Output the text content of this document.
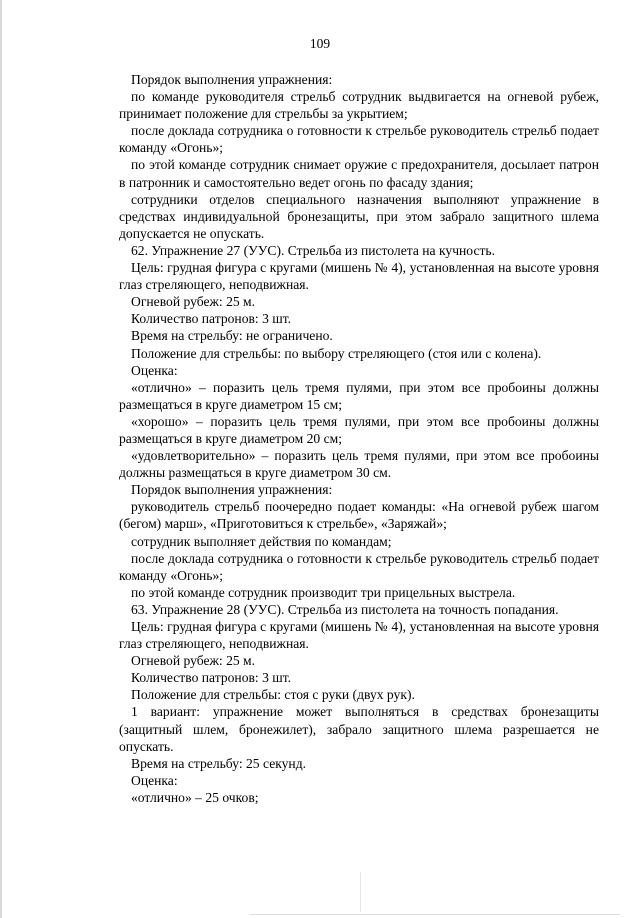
109

Порядок выполнения упражнения:

по команде руководителя стрельб сотрудник выдвигается на огневой рубеж, принимает положение для стрельбы за укрытием;

после доклада сотрудника о готовности к стрельбе руководитель стрельб подает команду «Огонь»;

по этой команде сотрудник снимает оружие с предохранителя, досылает патрон в патронник и самостоятельно ведет огонь по фасаду здания;

сотрудники отделов специального назначения выполняют упражнение в средствах индивидуальной бронезащиты, при этом забрало защитного шлема допускается не опускать.

62. Упражнение 27 (УУС). Стрельба из пистолета на кучность.

Цель: грудная фигура с кругами (мишень № 4), установленная на высоте уровня глаз стреляющего, неподвижная.

Огневой рубеж: 25 м.

Количество патронов: 3 шт.

Время на стрельбу: не ограничено.

Положение для стрельбы: по выбору стреляющего (стоя или с колена).

Оценка:

«отлично» – поразить цель тремя пулями, при этом все пробоины должны размещаться в круге диаметром 15 см;

«хорошо» – поразить цель тремя пулями, при этом все пробоины должны размещаться в круге диаметром 20 см;

«удовлетворительно» – поразить цель тремя пулями, при этом все пробоины должны размещаться в круге диаметром 30 см.

Порядок выполнения упражнения:

руководитель стрельб поочередно подает команды: «На огневой рубеж шагом (бегом) марш», «Приготовиться к стрельбе», «Заряжай»;

сотрудник выполняет действия по командам;

после доклада сотрудника о готовности к стрельбе руководитель стрельб подает команду «Огонь»;

по этой команде сотрудник производит три прицельных выстрела.

63. Упражнение 28 (УУС). Стрельба из пистолета на точность попадания.

Цель: грудная фигура с кругами (мишень № 4), установленная на высоте уровня глаз стреляющего, неподвижная.

Огневой рубеж: 25 м.

Количество патронов: 3 шт.

Положение для стрельбы: стоя с руки (двух рук).

1 вариант: упражнение может выполняться в средствах бронезащиты (защитный шлем, бронежилет), забрало защитного шлема разрешается не опускать.

Время на стрельбу: 25 секунд.

Оценка:

«отлично» – 25 очков;
